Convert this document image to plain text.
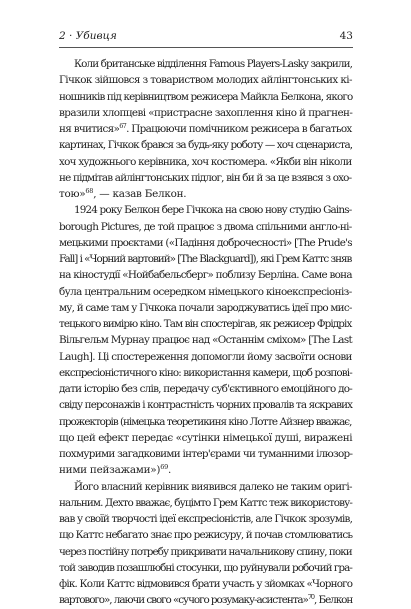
2 · Убивця	43
Коли британське відділення Famous Players-Lasky закрили,
Гічкок зійшовся з товариством молодих айлінгтонських кі-
ношників під керівництвом режисера Майкла Белкона, якого
вразили хлопцеві «пристрасне захоплення кіно й прагнен-
ня вчитися»$^{67}$. Працюючи помічником режисера в багатьох
картинах, Гічкок брався за будь-яку роботу — хоч сценариста,
хоч художнього керівника, хоч костюмера. «Якби він ніколи
не підмітав айлінгтонських підлог, він би й за це взявся з охо-
тою»$^{68}$, — казав Белкон.
1924 року Белкон бере Гічкока на свою нову студію Gains-
borough Pictures, де той працює з двома спільними англо-ні-
мецькими проєктами («Падіння доброчесності» [The Prude's
Fall] і «Чорний вартовий» [The Blackguard]), які Грем Каттс зняв
на кіностудії «Нойбабельсберг» поблизу Берліна. Саме вона
була центральним осередком німецького кіноекспресіоніз-
му, й саме там у Гічкока почали зароджуватись ідеї про мис-
тецького вимірю кіно. Там він спостерігав, як режисер Фрідріх
Вільгельм Мурнау працює над «Останнім сміхом» [The Last
Laugh]. Ці спостереження допомогли йому засвоїти основи
експресіоністичного кіно: використання камери, щоб розпові-
дати історію без слів, передачу суб'єктивного емоційного до-
свіду персонажів і контрастність чорних провалів та яскравих
прожекторів (німецька теоретикиня кіно Лотте Айзнер вважає,
що цей ефект передає «сутінки німецької душі, виражені
похмурими загадковими інтер'єрами чи туманними ілюзор-
ними пейзажами»)$^{69}$.
Його власний керівник виявився далеко не таким оригі-
нальним. Дехто вважає, буцімто Грем Каттс теж використову-
вав у своїй творчості ідеї експресіоністів, але Гічкок зрозумів,
що Каттс небагато знає про режисуру, й почав стомлюватись
через постійну потребу прикривати начальникову спину, поки
той заводив позашлюбні стосунки, що руйнували робочий гра-
фік. Коли Каттс відмовився брати участь у зйомках «Чорного
вартового», лаючи свого «сучого розумаку-асистента»$^{70}$, Белкон
